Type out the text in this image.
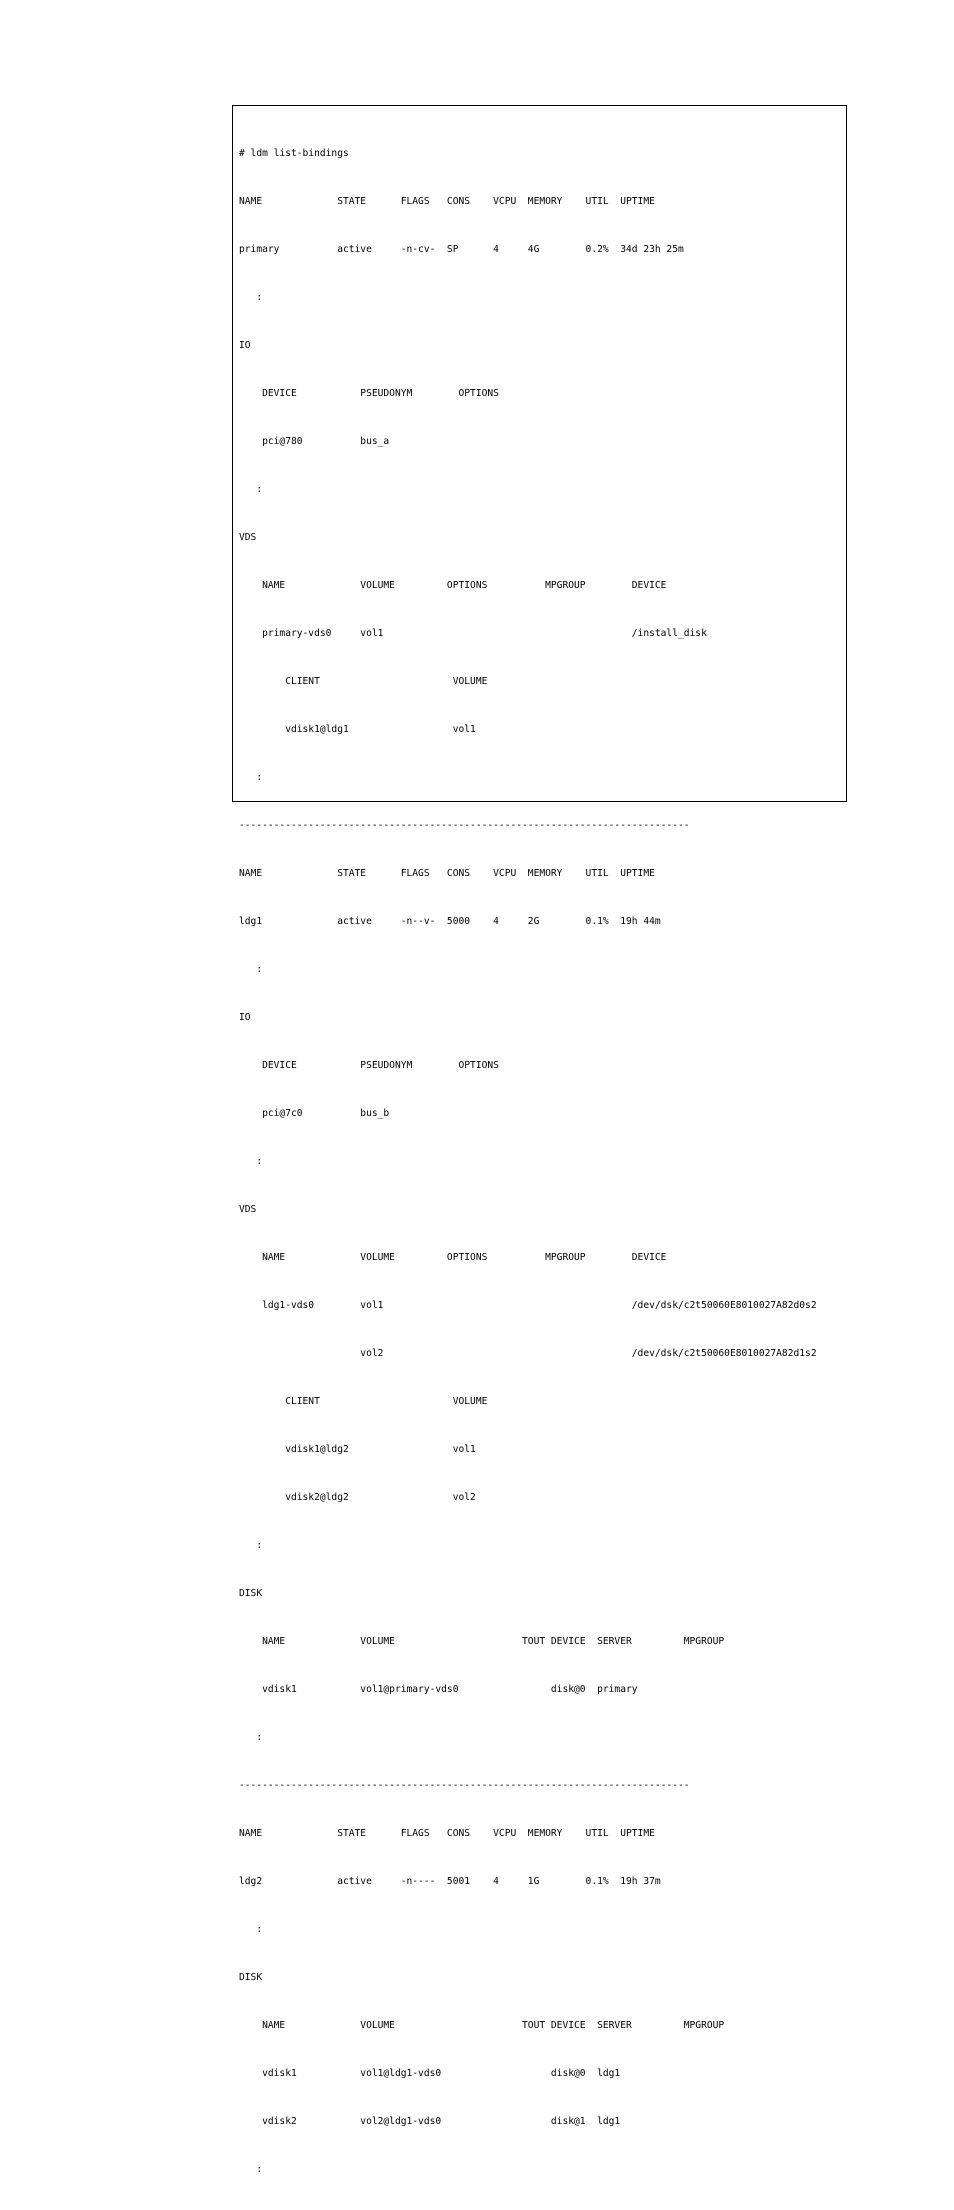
# ldm list-bindings

NAME             STATE      FLAGS   CONS    VCPU  MEMORY    UTIL  UPTIME

primary          active     -n-cv-  SP      4     4G        0.2%  34d 23h 25m

:

IO

DEVICE           PSEUDONYM        OPTIONS

pci@780          bus_a

:

VDS

NAME             VOLUME         OPTIONS          MPGROUP        DEVICE

primary-vds0     vol1                                           /install_disk

CLIENT                       VOLUME

vdisk1@ldg1                  vol1

:

------------------------------------------------------------------------------

NAME             STATE      FLAGS   CONS    VCPU  MEMORY    UTIL  UPTIME

ldg1             active     -n--v-  5000    4     2G        0.1%  19h 44m

:

IO

DEVICE           PSEUDONYM        OPTIONS

pci@7c0          bus_b

:

VDS

NAME             VOLUME         OPTIONS          MPGROUP        DEVICE

ldg1-vds0        vol1                                           /dev/dsk/c2t50060E8010027A82d0s2

vol2                                           /dev/dsk/c2t50060E8010027A82d1s2

CLIENT                       VOLUME

vdisk1@ldg2                  vol1

vdisk2@ldg2                  vol2

:

DISK

NAME             VOLUME                      TOUT DEVICE  SERVER         MPGROUP

vdisk1           vol1@primary-vds0                disk@0  primary

:

------------------------------------------------------------------------------

NAME             STATE      FLAGS   CONS    VCPU  MEMORY    UTIL  UPTIME

ldg2             active     -n----  5001    4     1G        0.1%  19h 37m

:

DISK

NAME             VOLUME                      TOUT DEVICE  SERVER         MPGROUP

vdisk1           vol1@ldg1-vds0                   disk@0  ldg1

vdisk2           vol2@ldg1-vds0                   disk@1  ldg1

:
